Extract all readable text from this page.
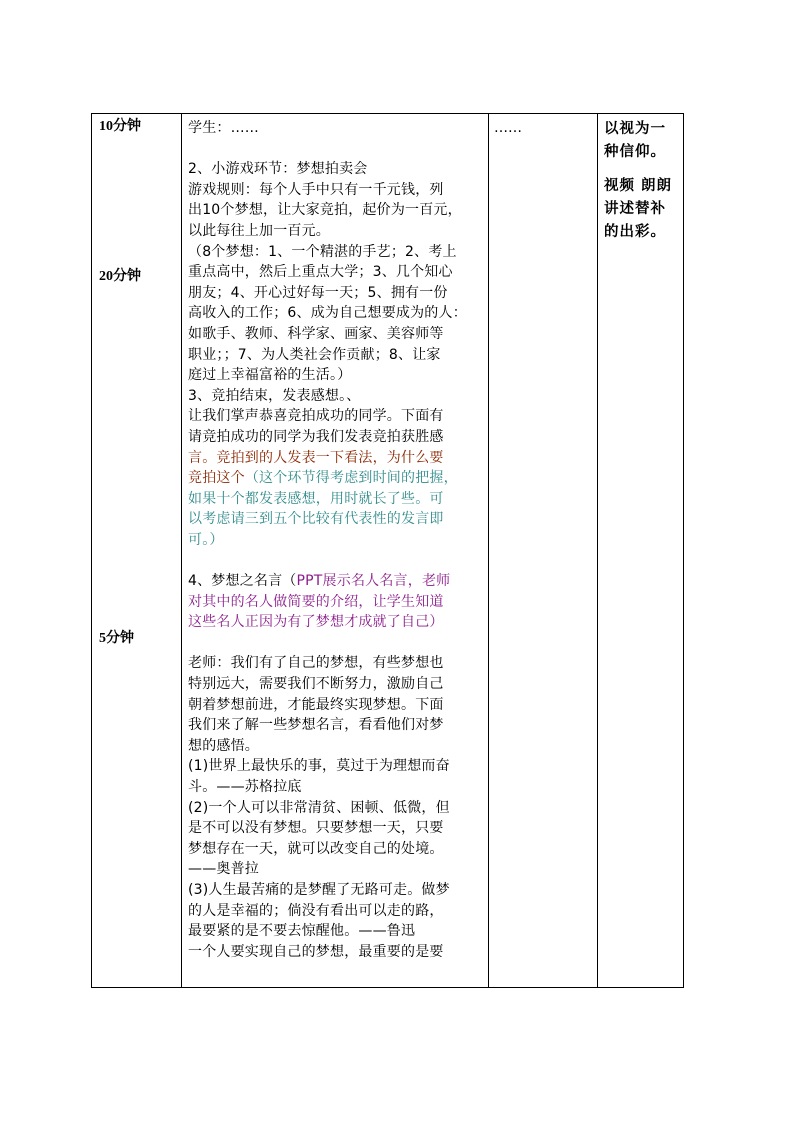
10分钟
20分钟
5分钟

学生：……

2、小游戏环节：梦想拍卖会

游戏规则：每个人手中只有一千元钱，列

出10个梦想，让大家竞拍，起价为一百元，

以此每往上加一百元。

（8个梦想：1、一个精湛的手艺；2、考上

重点高中，然后上重点大学；3、几个知心

朋友；4、开心过好每一天；5、拥有一份

高收入的工作；6、成为自己想要成为的人：

如歌手、教师、科学家、画家、美容师等

职业；；7、为人类社会作贡献；8、让家

庭过上幸福富裕的生活。）

3、竞拍结束，发表感想。、

让我们掌声恭喜竞拍成功的同学。下面有

请竞拍成功的同学为我们发表竞拍获胜感

言。竞拍到的人发表一下看法，为什么要

竞拍这个（这个环节得考虑到时间的把握，

如果十个都发表感想，用时就长了些。可

以考虑请三到五个比较有代表性的发言即

可。）

4、梦想之名言（PPT展示名人名言，老师

对其中的名人做简要的介绍，让学生知道

这些名人正因为有了梦想才成就了自己）

老师：我们有了自己的梦想，有些梦想也

特别远大，需要我们不断努力，激励自己

朝着梦想前进，才能最终实现梦想。下面

我们来了解一些梦想名言，看看他们对梦

想的感悟。

(1)世界上最快乐的事，莫过于为理想而奋

斗。——苏格拉底

(2)一个人可以非常清贫、困顿、低微，但

是不可以没有梦想。只要梦想一天，只要

梦想存在一天，就可以改变自己的处境。

——奥普拉

(3)人生最苦痛的是梦醒了无路可走。做梦

的人是幸福的；倘没有看出可以走的路，

最要紧的是不要去惊醒他。——鲁迅

一个人要实现自己的梦想，最重要的是要

……	以视为一种信仰。
视频 朗朗讲述替补的出彩。
